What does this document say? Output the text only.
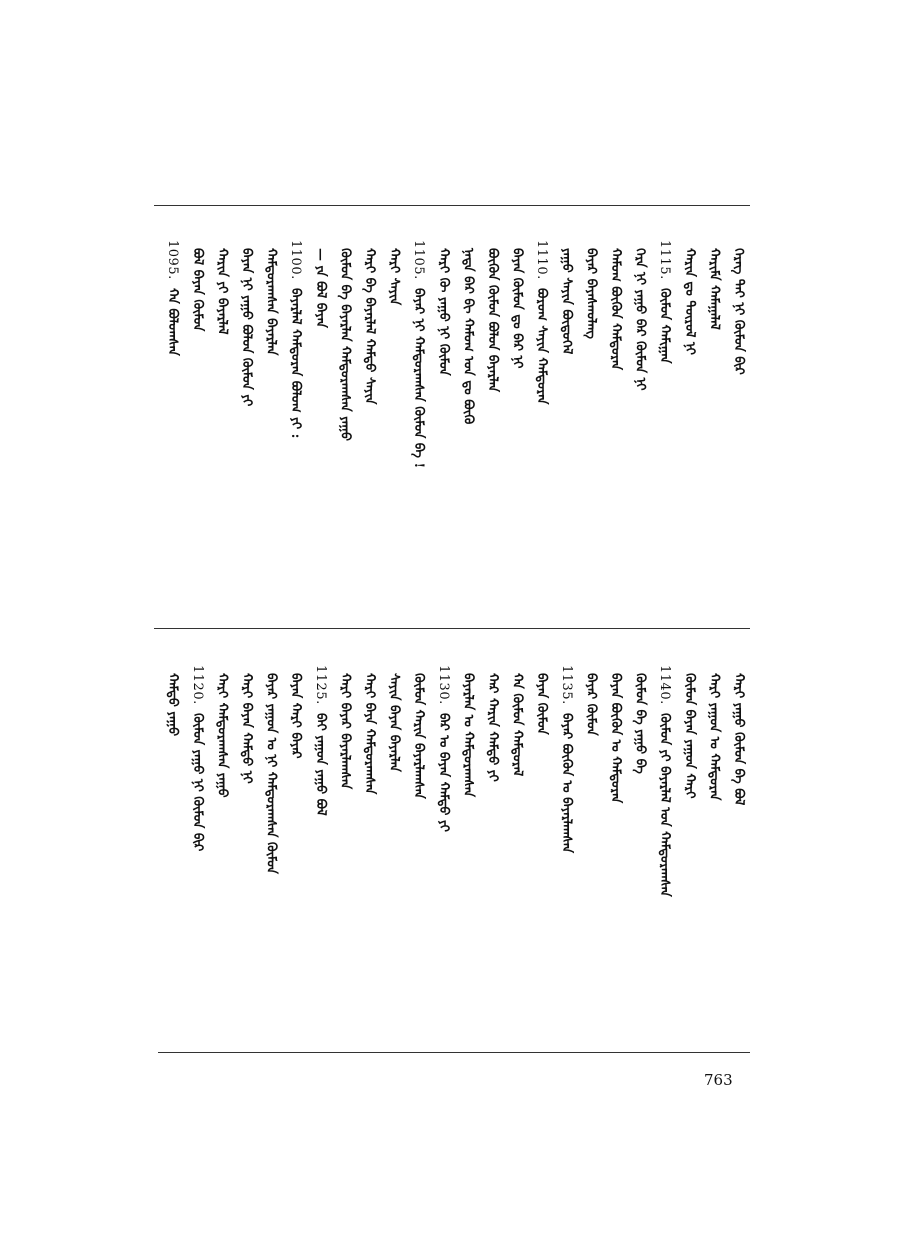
ᠬᠡᠷᠡᠭ ᠲᠡᠢ ᠨᠢ ᠬᠦᠮᠦᠨ ᠪᠢᠷ
ᠬᠠᠷᠢᠮᠠ ᠬᠠᠮᠠᠭᠠᠯᠠᠯ
ᠬᠠᠷᠢᠨ ᠳᠤ ᠲᠦᠷᠦᠯ ᠨᠢ
1115.ᠬᠦᠮᠦᠨ ᠬᠠᠮᠢᠭᠠᠨ
ᠬᠡᠷᠡ ᠨᠢ ᠶᠠᠭᠤ ᠪᠡᠷ ᠬᠦᠮᠦᠨ ᠨᠢ
ᠬᠠᠮᠤᠭ ᠪᠦᠬᠦᠨ ᠬᠠᠮᠲᠤᠷᠠᠨ
ᠪᠠᠶᠠᠷ ᠪᠠᠶᠠᠰᠬᠤᠯᠠᠩ
ᠶᠠᠭᠤ ᠰᠠᠶᠢᠨ ᠪᠦᠲᠦᠭᠡᠯ
1110.ᠪᠤᠷᠤᠭ ᠰᠠᠶᠢᠨ ᠬᠠᠮᠲᠤᠷᠠᠨ
ᠪᠠᠶᠠᠨ ᠬᠦᠮᠦᠨ ᠳᠤ ᠪᠡᠷ ᠨᠢ
ᠪᠦᠬᠦᠨ ᠬᠦᠮᠦᠨ ᠪᠤᠯᠤᠨ ᠪᠠᠶᠠᠷᠯᠠᠨ
ᠨᠠᠳᠠ ᠪᠡᠷ ᠪᠢ ᠬᠠᠮᠤᠭ ᠤᠨ ᠳᠤ ᠪᠦᠬᠦ
ᠬᠠᠷᠢ ᠬᠦ ᠶᠠᠭᠤ ᠨᠢ ᠬᠦᠮᠦᠨ
1105.ᠪᠠᠶᠠᠷ ᠨᠢ ᠬᠠᠮᠲᠤᠷᠠᠭᠰᠠᠨ ᠬᠦᠮᠦᠨ ᠪᠡ !
ᠬᠠᠷᠢ ᠰᠠᠶᠢᠨ
ᠬᠠᠷᠢ ᠪᠡ ᠪᠠᠶᠠᠷᠯᠠᠯ ᠬᠠᠮᠲᠤ ᠰᠠᠶᠢᠨ
ᠬᠦᠮᠦᠨ ᠪᠡ ᠪᠠᠶᠠᠷᠯᠠᠨ ᠬᠠᠮᠲᠤᠷᠠᠭᠰᠠᠨ ᠶᠠᠭᠤ
— ᠶᠠ ᠪᠤᠯ ᠪᠠᠶᠠᠨ
1100.ᠪᠠᠶᠠᠷᠯᠠᠯ ᠬᠠᠮᠲᠤᠷᠠᠨ ᠪᠤᠯᠤᠭ ᠶᠢ :
ᠬᠠᠮᠲᠤᠷᠠᠭᠰᠠᠨ ᠪᠠᠶᠠᠷᠯᠠᠨ
ᠪᠠᠶᠠᠨ ᠨᠢ ᠶᠠᠭᠤ ᠪᠤᠯᠤᠨ ᠬᠦᠮᠦᠨ ᠶᠢ
ᠬᠠᠷᠢᠨ ᠶᠢ ᠪᠠᠶᠠᠷᠯᠠᠯ
ᠪᠤᠯ ᠪᠠᠶᠠᠨ ᠬᠦᠮᠦᠨ
1095.ᠬᠠ ᠪᠤᠯᠤᠭᠰᠠᠨ
ᠬᠠᠷᠢ ᠶᠠᠭᠤ ᠬᠦᠮᠦᠨ ᠪᠠ ᠪᠤᠯ
ᠬᠠᠷᠢ ᠶᠠᠭᠤᠨ ᠤ ᠬᠠᠮᠲᠤᠷᠠᠨ
ᠬᠦᠮᠦᠨ ᠪᠠᠶᠠᠨ ᠶᠠᠭᠤᠨ ᠬᠠᠷᠢ
1140.ᠬᠦᠮᠦᠨ ᠶᠢ ᠪᠠᠶᠠᠷᠯᠠᠯ ᠤᠨ ᠬᠠᠮᠲᠤᠷᠠᠭᠰᠠᠨ
ᠬᠦᠮᠦᠨ ᠪᠡ ᠶᠠᠭᠤ ᠪᠡ
ᠪᠠᠶᠠᠨ ᠪᠦᠬᠦᠨ ᠤ ᠬᠠᠮᠲᠤᠷᠠᠨ
ᠪᠠᠶᠠᠷ ᠬᠦᠮᠦᠨ
1135.ᠪᠠᠶᠠᠷ ᠪᠦᠬᠦᠨ ᠤ ᠪᠠᠶᠠᠷᠯᠠᠭᠰᠠᠨ
ᠪᠠᠶᠠᠨ ᠬᠦᠮᠦᠨ
ᠬᠠ ᠬᠦᠮᠦᠨ ᠬᠠᠮᠲᠤᠷᠠᠯ
ᠬᠠᠷ ᠬᠠᠷᠢᠨ ᠬᠠᠮᠲᠤ ᠶᠢ
ᠪᠠᠶᠠᠷᠯᠠᠨ ᠤ ᠬᠠᠮᠲᠤᠷᠠᠭᠰᠠᠨ
1130.ᠪᠠᠷ ᠤ ᠪᠠᠶᠠᠨ ᠬᠠᠮᠲᠤ ᠶᠢ
ᠬᠦᠮᠦᠨ ᠬᠠᠷᠢᠨ ᠪᠠᠶᠠᠷᠯᠠᠭᠰᠠᠨ
ᠰᠠᠶᠢᠨ ᠪᠠᠶᠠᠨ ᠪᠠᠶᠠᠷᠯᠠᠨ
ᠬᠠᠷᠢ ᠪᠡᠶᠡ ᠬᠠᠮᠲᠤᠷᠠᠭᠰᠠᠨ
ᠬᠠᠷᠢ ᠪᠠᠶᠠᠷ ᠪᠠᠶᠠᠷᠯᠠᠭᠰᠠᠨ
1125.ᠪᠠᠶ ᠶᠠᠭᠤᠨ ᠶᠠᠭᠤ ᠪᠤᠯ
ᠪᠠᠶᠠᠨ ᠬᠠᠷᠢ ᠪᠠᠶᠠᠷ
ᠪᠠᠶᠠᠷ ᠶᠠᠭᠤᠨ ᠤ ᠨᠢ ᠬᠠᠮᠲᠤᠷᠠᠭᠰᠠᠨ ᠬᠦᠮᠦᠨ
ᠬᠠᠷᠢ ᠪᠠᠶᠠᠨ ᠬᠠᠮᠲᠤ ᠨᠢ
ᠬᠠᠷᠢ ᠬᠠᠮᠲᠤᠷᠠᠭᠰᠠᠨ ᠶᠠᠭᠤ
1120.ᠬᠦᠮᠦᠨ ᠶᠠᠭᠤ ᠨᠢ ᠬᠦᠮᠦᠨ ᠪᠢᠷ
ᠬᠠᠮᠲᠤ ᠶᠠᠭᠤ
763
